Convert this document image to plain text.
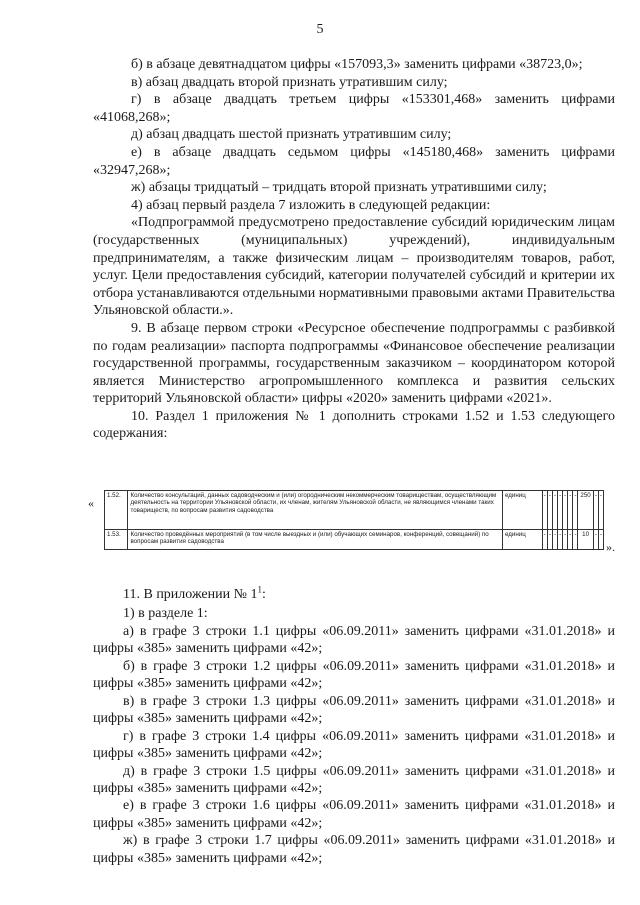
5

б) в абзаце девятнадцатом цифры «157093,3» заменить цифрами «38723,0»;

в) абзац двадцать второй признать утратившим силу;

г) в абзаце двадцать третьем цифры «153301,468» заменить цифрами «41068,268»;

д) абзац двадцать шестой признать утратившим силу;

е) в абзаце двадцать седьмом цифры «145180,468» заменить цифрами «32947,268»;

ж) абзацы тридцатый – тридцать второй признать утратившими силу;

4) абзац первый раздела 7 изложить в следующей редакции:

«Подпрограммой предусмотрено предоставление субсидий юридическим лицам (государственных (муниципальных) учреждений), индивидуальным предпринимателям, а также физическим лицам – производителям товаров, работ, услуг. Цели предоставления субсидий, категории получателей субсидий и критерии их отбора устанавливаются отдельными нормативными правовыми актами Правительства Ульяновской области.».

9. В абзаце первом строки «Ресурсное обеспечение подпрограммы с разбивкой по годам реализации» паспорта подпрограммы «Финансовое обеспечение реализации государственной программы, государственным заказчиком – координатором которой является Министерство агропромышленного комплекса и развития сельских территорий Ульяновской области» цифры «2020» заменить цифрами «2021».

10. Раздел 1 приложения № 1 дополнить строками 1.52 и 1.53 следующего содержания:

«
1.52.	Количество консультаций, данных садоводческим и (или) огородническим некоммерческим товариществам, осуществляющим деятельность на территории Ульяновской области, их членам, жителям Ульяновской области, не являющимся членами таких товариществ, по вопросам развития садоводства	единиц	-	-	-	-	-	-	-	250	-	-
1.53.	Количество проведённых мероприятий (в том числе выездных и (или) обучающих семинаров, конференций, совещаний) по вопросам развития садоводства	единиц	-	-	-	-	-	-	-	10	-	-
».

11. В приложении № $1^1$:

1) в разделе 1:

а) в графе 3 строки 1.1 цифры «06.09.2011» заменить цифрами «31.01.2018» и цифры «385» заменить цифрами «42»;

б) в графе 3 строки 1.2 цифры «06.09.2011» заменить цифрами «31.01.2018» и цифры «385» заменить цифрами «42»;

в) в графе 3 строки 1.3 цифры «06.09.2011» заменить цифрами «31.01.2018» и цифры «385» заменить цифрами «42»;

г) в графе 3 строки 1.4 цифры «06.09.2011» заменить цифрами «31.01.2018» и цифры «385» заменить цифрами «42»;

д) в графе 3 строки 1.5 цифры «06.09.2011» заменить цифрами «31.01.2018» и цифры «385» заменить цифрами «42»;

е) в графе 3 строки 1.6 цифры «06.09.2011» заменить цифрами «31.01.2018» и цифры «385» заменить цифрами «42»;

ж) в графе 3 строки 1.7 цифры «06.09.2011» заменить цифрами «31.01.2018» и цифры «385» заменить цифрами «42»;
